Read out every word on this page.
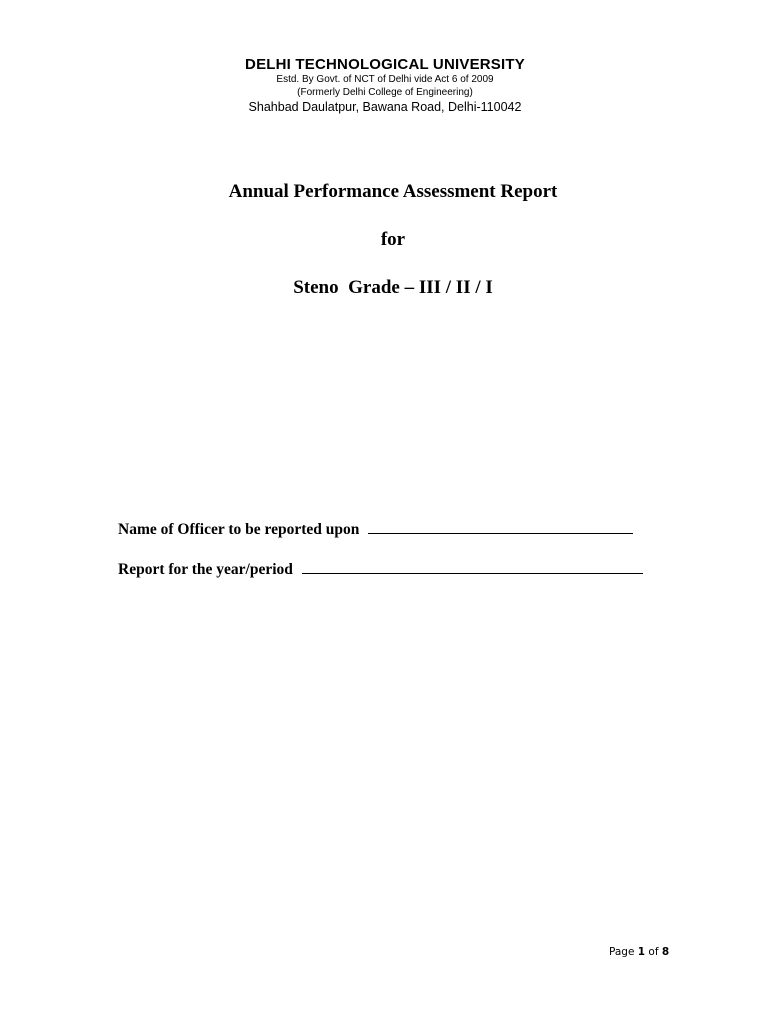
DELHI TECHNOLOGICAL UNIVERSITY
Estd. By Govt. of NCT of Delhi vide Act 6 of 2009
(Formerly Delhi College of Engineering)
Shahbad Daulatpur, Bawana Road, Delhi-110042
Annual Performance Assessment Report
for
Steno  Grade – III / II / I
Name of Officer to be reported upon
Report for the year/period
Page 1 of 8
